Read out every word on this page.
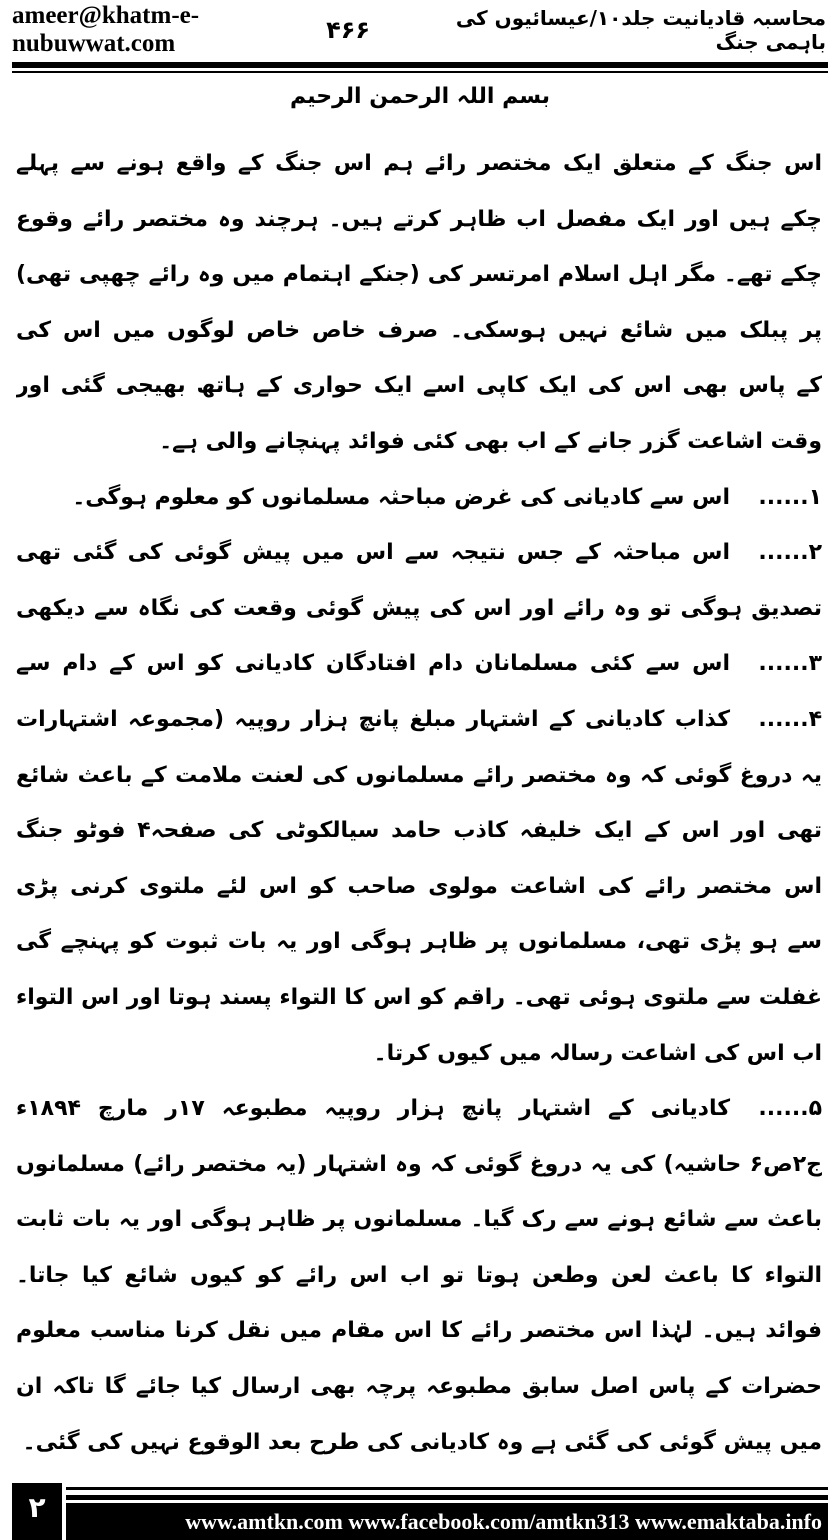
ameer@khatm-e-nubuwwat.com
محاسبہ قادیانیت جلد۱۰/عیسائیوں کی باہمی جنگ
۴۶۶
بسم اللہ الرحمن الرحیم
اس جنگ کے متعلق ایک مختصر رائے ہم اس جنگ کے واقع ہونے سے پہلے
چکے ہیں اور ایک مفصل اب ظاہر کرتے ہیں۔ ہرچند وہ مختصر رائے وقوع
چکے تھے۔ مگر اہل اسلام امرتسر کی (جنکے اہتمام میں وہ رائے چھپی تھی)
پر پبلک میں شائع نہیں ہوسکی۔ صرف خاص خاص لوگوں میں اس کی
کے پاس بھی اس کی ایک کاپی اسے ایک حواری کے ہاتھ بھیجی گئی اور
وقت اشاعت گزر جانے کے اب بھی کئی فوائد پہنچانے والی ہے۔
۱......
اس سے کادیانی کی غرض مباحثہ مسلمانوں کو معلوم ہوگی۔
۲......
اس مباحثہ کے جس نتیجہ سے اس میں پیش گوئی کی گئی تھی
تصدیق ہوگی تو وہ رائے اور اس کی پیش گوئی وقعت کی نگاہ سے دیکھی
۳......
اس سے کئی مسلمانان دام افتادگان کادیانی کو اس کے دام سے
۴......
کذاب کادیانی کے اشتہار مبلغ پانچ ہزار روپیہ (مجموعہ اشتہارات
یہ دروغ گوئی کہ وہ مختصر رائے مسلمانوں کی لعنت ملامت کے باعث شائع
تھی اور اس کے ایک خلیفہ کاذب حامد سیالکوٹی کی صفحہ۴ فوٹو جنگ
اس مختصر رائے کی اشاعت مولوی صاحب کو اس لئے ملتوی کرنی پڑی
سے ہو پڑی تھی، مسلمانوں پر ظاہر ہوگی اور یہ بات ثبوت کو پہنچے گی
غفلت سے ملتوی ہوئی تھی۔ راقم کو اس کا التواء پسند ہوتا اور اس التواء
اب اس کی اشاعت رسالہ میں کیوں کرتا۔
۵......
کادیانی کے اشتہار پانچ ہزار روپیہ مطبوعہ ۱۷ر مارچ ۱۸۹۴ء
ج۲ص۶ حاشیہ) کی یہ دروغ گوئی کہ وہ اشتہار (یہ مختصر رائے) مسلمانوں
باعث سے شائع ہونے سے رک گیا۔ مسلمانوں پر ظاہر ہوگی اور یہ بات ثابت
التواء کا باعث لعن وطعن ہوتا تو اب اس رائے کو کیوں شائع کیا جاتا۔
فوائد ہیں۔ لہٰذا اس مختصر رائے کا اس مقام میں نقل کرنا مناسب معلوم
حضرات کے پاس اصل سابق مطبوعہ پرچہ بھی ارسال کیا جائے گا تاکہ ان
میں پیش گوئی کی گئی ہے وہ کادیانی کی طرح بعد الوقوع نہیں کی گئی۔
۲	www.amtkn.com www.facebook.com/amtkn313 www.emaktaba.info
